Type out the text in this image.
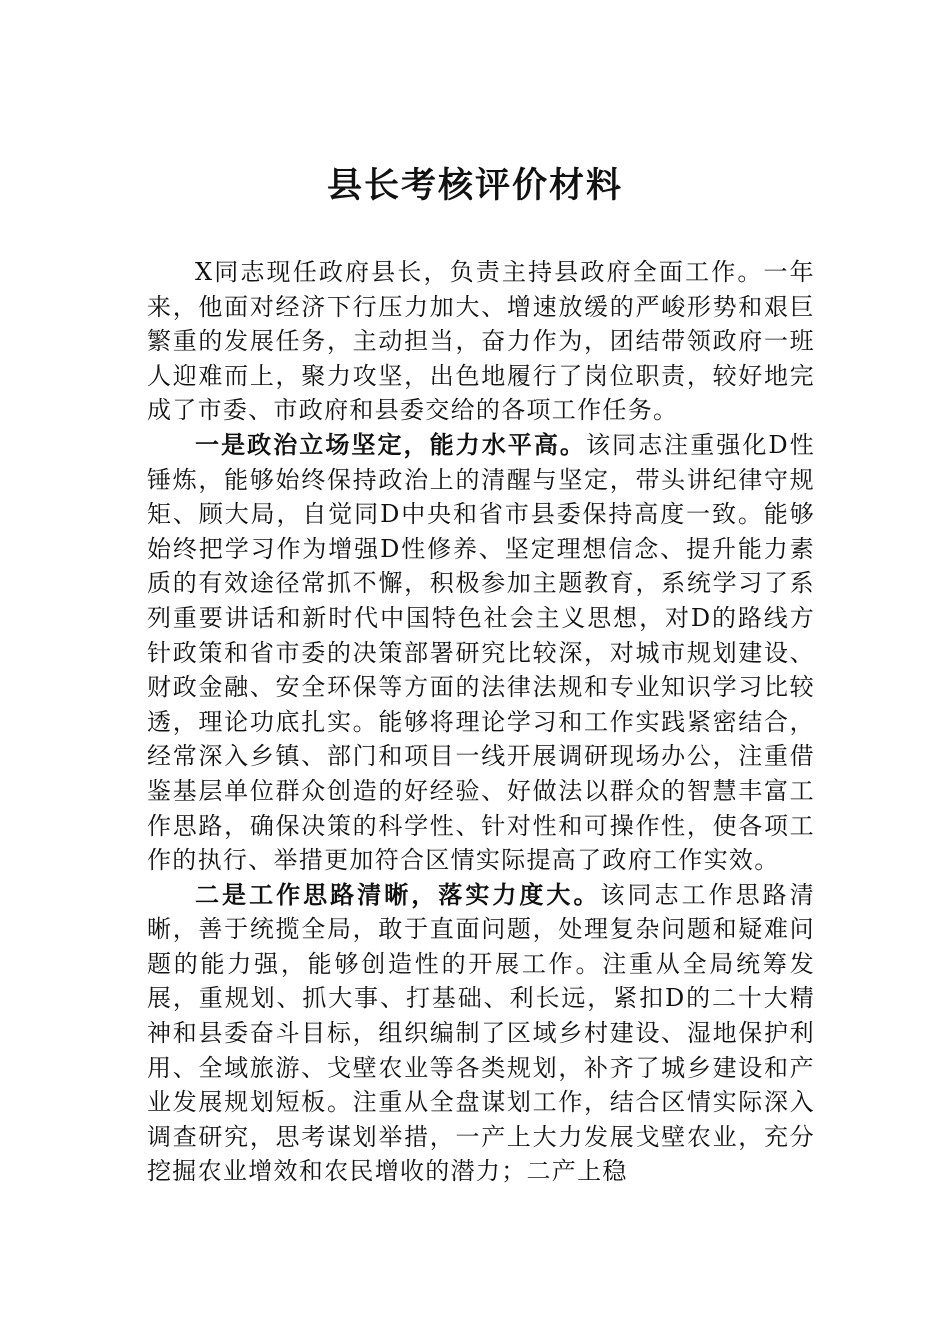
县长考核评价材料

X同志现任政府县长，负责主持县政府全面工作。一年来，他面对经济下行压力加大、增速放缓的严峻形势和艰巨繁重的发展任务，主动担当，奋力作为，团结带领政府一班人迎难而上，聚力攻坚，出色地履行了岗位职责，较好地完成了市委、市政府和县委交给的各项工作任务。

一是政治立场坚定，能力水平高。该同志注重强化D性锤炼，能够始终保持政治上的清醒与坚定，带头讲纪律守规矩、顾大局，自觉同D中央和省市县委保持高度一致。能够始终把学习作为增强D性修养、坚定理想信念、提升能力素质的有效途径常抓不懈，积极参加主题教育，系统学习了系列重要讲话和新时代中国特色社会主义思想，对D的路线方针政策和省市委的决策部署研究比较深，对城市规划建设、财政金融、安全环保等方面的法律法规和专业知识学习比较透，理论功底扎实。能够将理论学习和工作实践紧密结合，经常深入乡镇、部门和项目一线开展调研现场办公，注重借鉴基层单位群众创造的好经验、好做法以群众的智慧丰富工作思路，确保决策的科学性、针对性和可操作性，使各项工作的执行、举措更加符合区情实际提高了政府工作实效。

二是工作思路清晰，落实力度大。该同志工作思路清晰，善于统揽全局，敢于直面问题，处理复杂问题和疑难问题的能力强，能够创造性的开展工作。注重从全局统筹发展，重规划、抓大事、打基础、利长远，紧扣D的二十大精神和县委奋斗目标，组织编制了区域乡村建设、湿地保护利用、全域旅游、戈壁农业等各类规划，补齐了城乡建设和产业发展规划短板。注重从全盘谋划工作，结合区情实际深入调查研究，思考谋划举措，一产上大力发展戈壁农业，充分挖掘农业增效和农民增收的潜力；二产上稳
